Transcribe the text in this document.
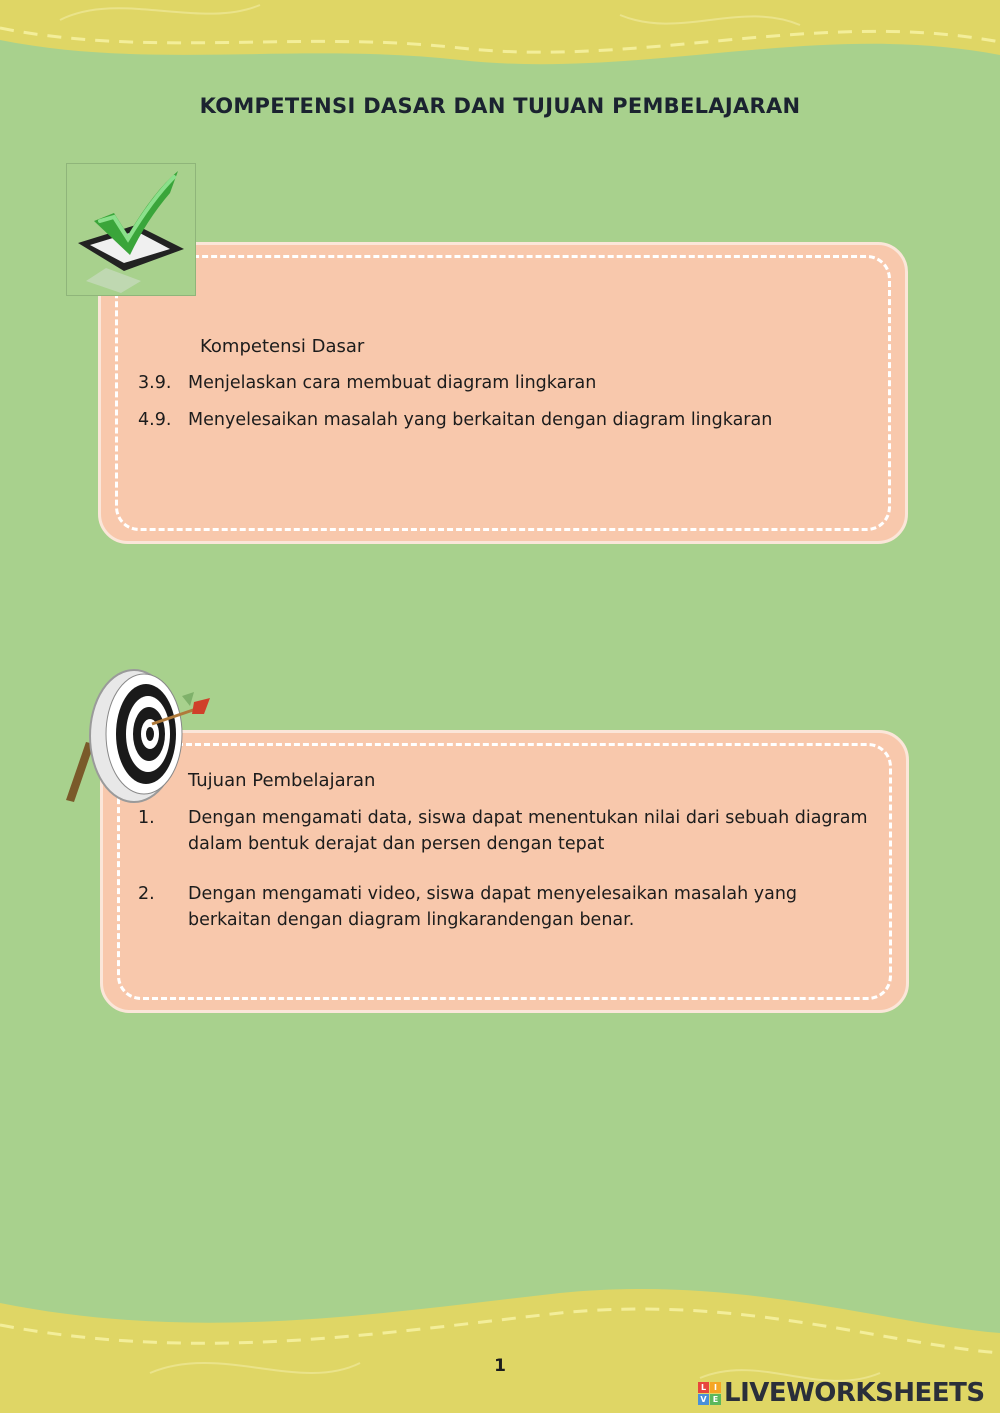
KOMPETENSI DASAR DAN TUJUAN PEMBELAJARAN
Kompetensi Dasar
3.9. Menjelaskan cara membuat diagram lingkaran
4.9. Menyelesaikan masalah yang berkaitan dengan diagram lingkaran
Tujuan Pembelajaran
1.	Dengan mengamati data, siswa dapat menentukan nilai dari sebuah diagram dalam bentuk derajat dan persen dengan tepat
2.	Dengan mengamati video, siswa dapat menyelesaikan masalah yang berkaitan dengan diagram lingkarandengan benar.
1
L I
V E LIVEWORKSHEETS
